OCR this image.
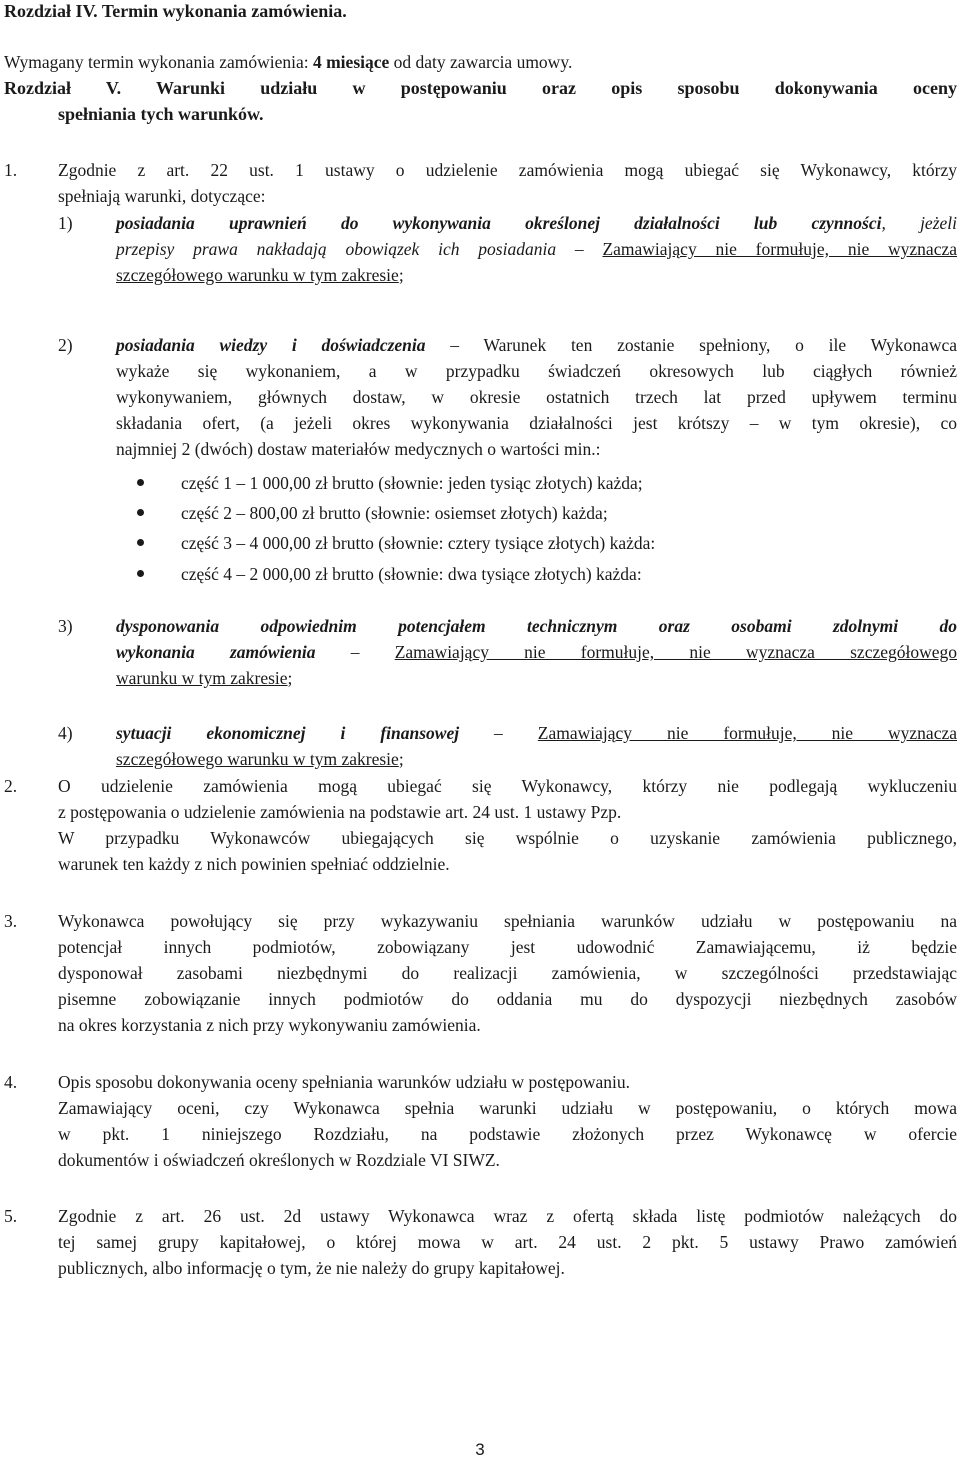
Rozdział IV. Termin wykonania zamówienia.
Wymagany termin wykonania zamówienia: 4 miesiące od daty zawarcia umowy.
Rozdział V. Warunki udziału w postępowaniu oraz opis sposobu dokonywania oceny
spełniania tych warunków.
1. Zgodnie z art. 22 ust. 1 ustawy o udzielenie zamówienia mogą ubiegać się Wykonawcy, którzy
spełniają warunki, dotyczące:
1) posiadania uprawnień do wykonywania określonej działalności lub czynności, jeżeli
przepisy prawa nakładają obowiązek ich posiadania – Zamawiający nie formułuje, nie wyznacza
szczegółowego warunku w tym zakresie;
2) posiadania wiedzy i doświadczenia – Warunek ten zostanie spełniony, o ile Wykonawca
wykaże się wykonaniem, a w przypadku świadczeń okresowych lub ciągłych również
wykonywaniem, głównych dostaw, w okresie ostatnich trzech lat przed upływem terminu
składania ofert, (a jeżeli okres wykonywania działalności jest krótszy – w tym okresie), co
najmniej 2 (dwóch) dostaw materiałów medycznych o wartości min.:
część 1 – 1 000,00 zł brutto (słownie: jeden tysiąc złotych) każda;
część 2 – 800,00 zł brutto (słownie: osiemset złotych) każda;
część 3 – 4 000,00 zł brutto (słownie: cztery tysiące złotych) każda:
część 4 – 2 000,00 zł brutto (słownie: dwa tysiące złotych) każda:
3) dysponowania odpowiednim potencjałem technicznym oraz osobami zdolnymi do
wykonania zamówienia – Zamawiający nie formułuje, nie wyznacza szczegółowego
warunku w tym zakresie;
4) sytuacji ekonomicznej i finansowej – Zamawiający nie formułuje, nie wyznacza
szczegółowego warunku w tym zakresie;
2. O udzielenie zamówienia mogą ubiegać się Wykonawcy, którzy nie podlegają wykluczeniu
z postępowania o udzielenie zamówienia na podstawie art. 24 ust. 1 ustawy Pzp.
W przypadku Wykonawców ubiegających się wspólnie o uzyskanie zamówienia publicznego,
warunek ten każdy z nich powinien spełniać oddzielnie.
3. Wykonawca powołujący się przy wykazywaniu spełniania warunków udziału w postępowaniu na
potencjał innych podmiotów, zobowiązany jest udowodnić Zamawiającemu, iż będzie
dysponował zasobami niezbędnymi do realizacji zamówienia, w szczególności przedstawiając
pisemne zobowiązanie innych podmiotów do oddania mu do dyspozycji niezbędnych zasobów
na okres korzystania z nich przy wykonywaniu zamówienia.
4. Opis sposobu dokonywania oceny spełniania warunków udziału w postępowaniu.
Zamawiający oceni, czy Wykonawca spełnia warunki udziału w postępowaniu, o których mowa
w pkt. 1 niniejszego Rozdziału, na podstawie złożonych przez Wykonawcę w ofercie
dokumentów i oświadczeń określonych w Rozdziale VI SIWZ.
5. Zgodnie z art. 26 ust. 2d ustawy Wykonawca wraz z ofertą składa listę podmiotów należących do
tej samej grupy kapitałowej, o której mowa w art. 24 ust. 2 pkt. 5 ustawy Prawo zamówień
publicznych, albo informację o tym, że nie należy do grupy kapitałowej.
3
